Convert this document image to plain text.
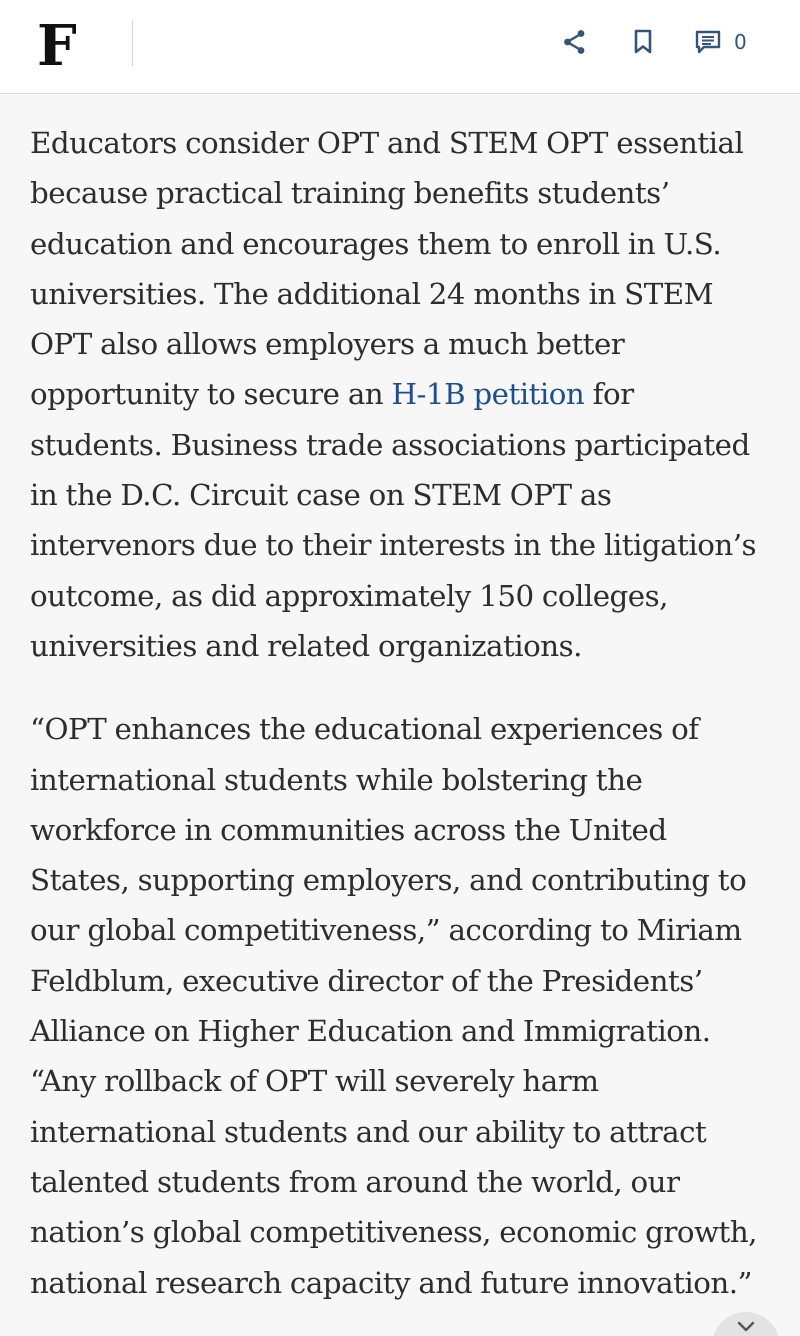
F	0

Educators consider OPT and STEM OPT essential because practical training benefits students’ education and encourages them to enroll in U.S. universities. The additional 24 months in STEM OPT also allows employers a much better opportunity to secure an H-1B petition for students. Business trade associations participated in the D.C. Circuit case on STEM OPT as intervenors due to their interests in the litigation’s outcome, as did approximately 150 colleges, universities and related organizations.

“OPT enhances the educational experiences of international students while bolstering the workforce in communities across the United States, supporting employers, and contributing to our global competitiveness,” according to Miriam Feldblum, executive director of the Presidents’ Alliance on Higher Education and Immigration. “Any rollback of OPT will severely harm international students and our ability to attract talented students from around the world, our nation’s global competitiveness, economic growth, national research capacity and future innovation.”
